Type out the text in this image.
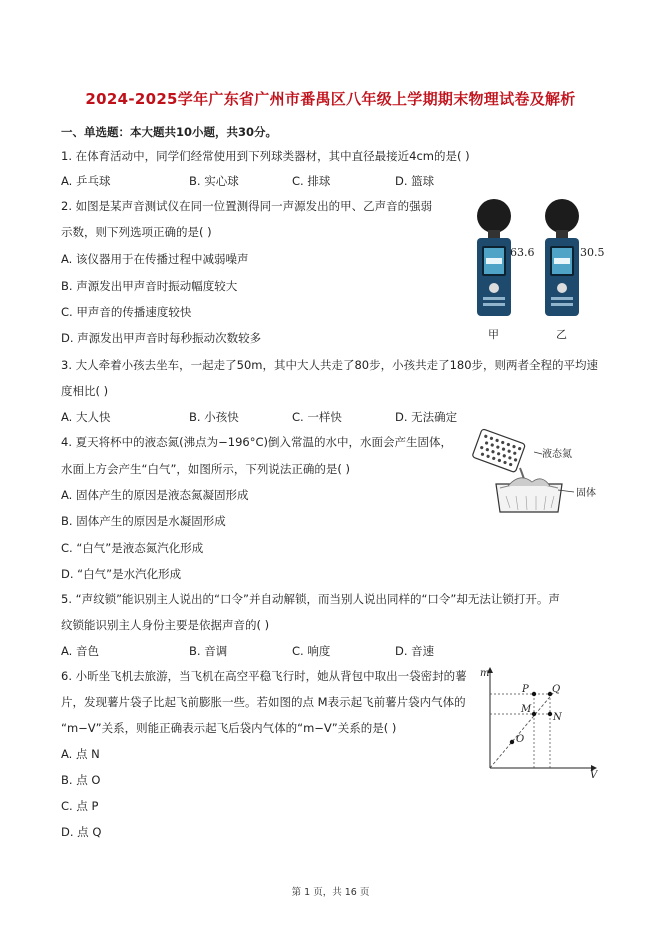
2024-2025学年广东省广州市番禺区八年级上学期期末物理试卷及解析
一、单选题：本大题共10小题，共30分。
1. 在体育活动中，同学们经常使用到下列球类器材，其中直径最接近4cm的是( )
A. 乒乓球	B. 实心球	C. 排球	D. 篮球
2. 如图是某声音测试仪在同一位置测得同一声源发出的甲、乙声音的强弱
示数，则下列选项正确的是( )
A. 该仪器用于在传播过程中减弱噪声
B. 声源发出甲声音时振动幅度较大
C. 甲声音的传播速度较快
D. 声源发出甲声音时每秒振动次数较多
63.6	30.5
甲	乙
3. 大人牵着小孩去坐车，一起走了50m，其中大人共走了80步，小孩共走了180步，则两者全程的平均速
度相比( )
A. 大人快	B. 小孩快	C. 一样快	D. 无法确定
4. 夏天将杯中的液态氮(沸点为−196°C)倒入常温的水中，水面会产生固体，
水面上方会产生“白气”，如图所示，下列说法正确的是( )
A. 固体产生的原因是液态氮凝固形成
B. 固体产生的原因是水凝固形成
C. “白气”是液态氮汽化形成
D. “白气”是水汽化形成
液态氮
固体
5. “声纹锁”能识别主人说出的“口令”并自动解锁，而当别人说出同样的“口令”却无法让锁打开。声
纹锁能识别主人身份主要是依据声音的( )
A. 音色	B. 音调	C. 响度	D. 音速
6. 小昕坐飞机去旅游，当飞机在高空平稳飞行时，她从背包中取出一袋密封的薯
片，发现薯片袋子比起飞前膨胀一些。若如图的点 M表示起飞前薯片袋内气体的
“m−V”关系，则能正确表示起飞后袋内气体的“m−V”关系的是( )
A. 点 N
B. 点 O
C. 点 P
D. 点 Q
m
V
P Q
M
N
O
第 1 页，共 16 页
